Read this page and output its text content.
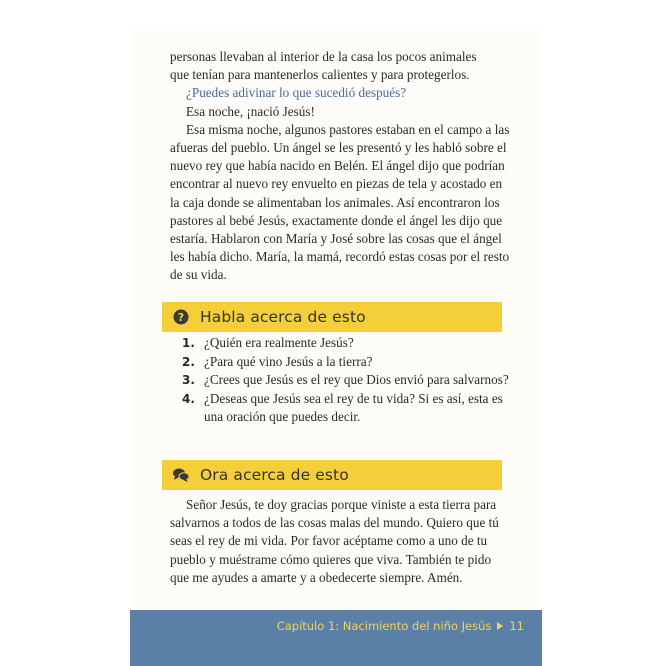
personas llevaban al interior de la casa los pocos animales

que tenían para mantenerlos calientes y para protegerlos.

¿Puedes adivinar lo que sucedió después?

Esa noche, ¡nació Jesús!

Esa misma noche, algunos pastores estaban en el campo a las afueras del pueblo. Un ángel se les presentó y les habló sobre el nuevo rey que había nacido en Belén. El ángel dijo que podrían encontrar al nuevo rey envuelto en piezas de tela y acostado en la caja donde se alimentaban los animales. Así encontraron los pastores al bebé Jesús, exactamente donde el ángel les dijo que estaría. Hablaron con María y José sobre las cosas que el ángel les había dicho. María, la mamá, recordó estas cosas por el resto de su vida.

? Habla acerca de esto
1. ¿Quién era realmente Jesús?
2. ¿Para qué vino Jesús a la tierra?
3. ¿Crees que Jesús es el rey que Dios envió para salvarnos?
4. ¿Deseas que Jesús sea el rey de tu vida? Si es así, esta es una oración que puedes decir.
Ora acerca de esto

Señor Jesús, te doy gracias porque viniste a esta tierra para salvarnos a todos de las cosas malas del mundo. Quiero que tú seas el rey de mi vida. Por favor acéptame como a uno de tu pueblo y muéstrame cómo quieres que viva. También te pido que me ayudes a amarte y a obedecerte siempre. Amén.

Capítulo 1: Nacimiento del niño Jesús 11
